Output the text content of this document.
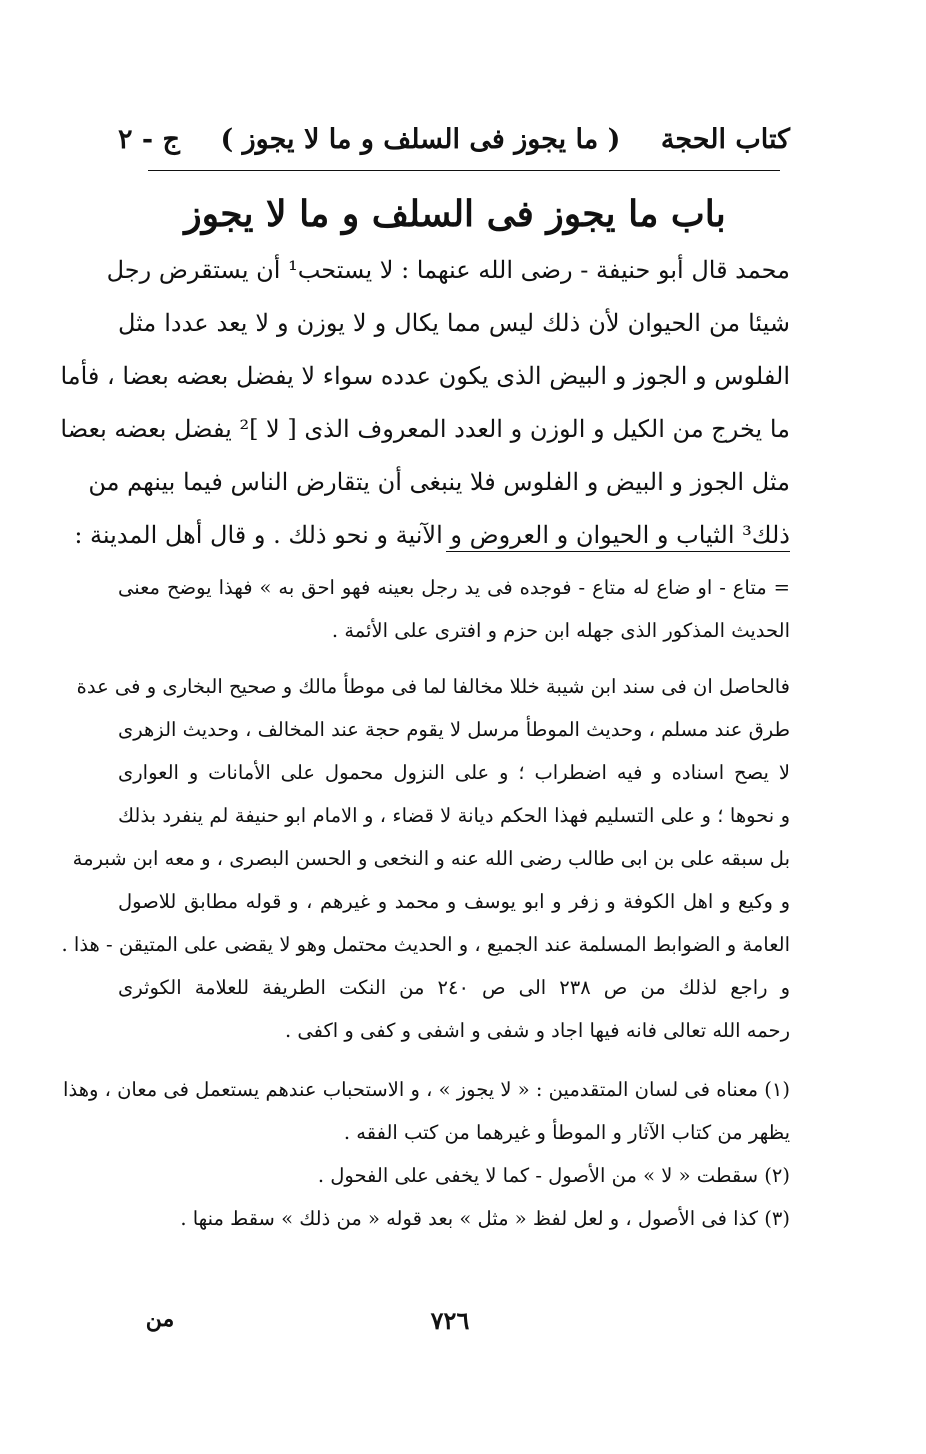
كتاب الحجة
( ما يجوز فى السلف و ما لا يجوز )
ج - ٢
باب ما يجوز فى السلف و ما لا يجوز
محمد قال أبو حنيفة - رضى الله عنهما : لا يستحب¹ أن يستقرض رجل
شيئا من الحيوان لأن ذلك ليس مما يكال و لا يوزن و لا يعد عددا مثل
الفلوس و الجوز و البيض الذى يكون عدده سواء لا يفضل بعضه بعضا ، فأما
ما يخرج من الكيل و الوزن و العدد المعروف الذى [ لا ]² يفضل بعضه بعضا
مثل الجوز و البيض و الفلوس فلا ينبغى أن يتقارض الناس فيما بينهم من
ذلك³ الثياب و الحيوان و العروض و الآنية و نحو ذلك . و قال أهل المدينة :
= متاع - او ضاع له متاع - فوجده فى يد رجل بعينه فهو احق به » فهذا يوضح معنى
الحديث المذكور الذى جهله ابن حزم و افترى على الأئمة .
فالحاصل ان فى سند ابن شيبة خللا مخالفا لما فى موطأ مالك و صحيح البخارى و فى عدة
طرق عند مسلم ، وحديث الموطأ مرسل لا يقوم حجة عند المخالف ، وحديث الزهرى
لا يصح اسناده و فيه اضطراب ؛ و على النزول محمول على الأمانات و العوارى
و نحوها ؛ و على التسليم فهذا الحكم ديانة لا قضاء ، و الامام ابو حنيفة لم ينفرد بذلك
بل سبقه على بن ابى طالب رضى الله عنه و النخعى و الحسن البصرى ، و معه ابن شبرمة
و وكيع و اهل الكوفة و زفر و ابو يوسف و محمد و غيرهم ، و قوله مطابق للاصول
العامة و الضوابط المسلمة عند الجميع ، و الحديث محتمل وهو لا يقضى على المتيقن - هذا .
و راجع لذلك من ص ٢٣٨ الى ص ٢٤٠ من النكت الطريفة للعلامة الكوثرى
رحمه الله تعالى فانه فيها اجاد و شفى و اشفى و كفى و اكفى .
(١) معناه فى لسان المتقدمين : « لا يجوز » ، و الاستحباب عندهم يستعمل فى معان ، وهذا
يظهر من كتاب الآثار و الموطأ و غيرهما من كتب الفقه .
(٢) سقطت « لا » من الأصول - كما لا يخفى على الفحول .
(٣) كذا فى الأصول ، و لعل لفظ « مثل » بعد قوله « من ذلك » سقط منها .
٧٢٦
من
